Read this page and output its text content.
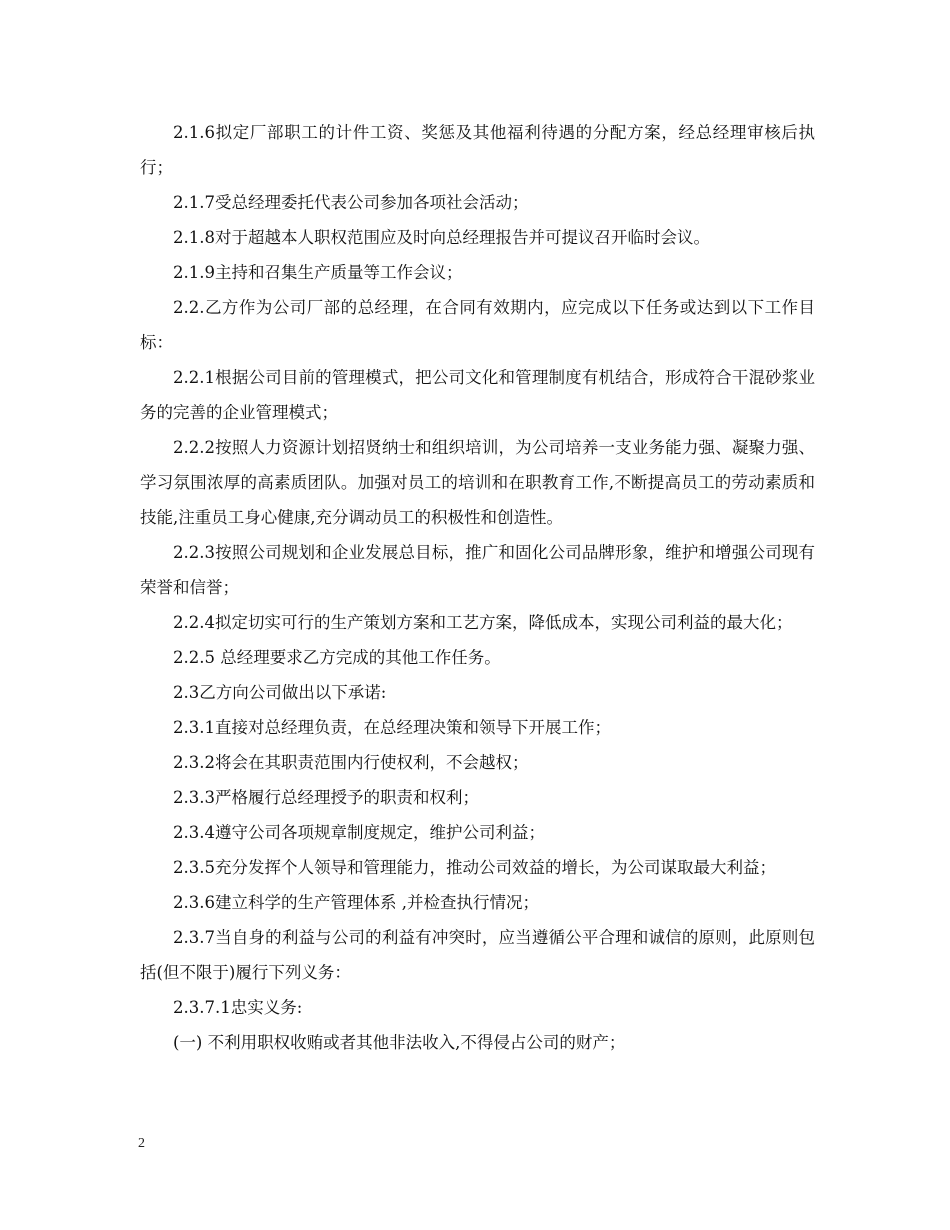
2.1.6拟定厂部职工的计件工资、奖惩及其他福利待遇的分配方案，经总经理审核后执行；

2.1.7受总经理委托代表公司参加各项社会活动；

2.1.8对于超越本人职权范围应及时向总经理报告并可提议召开临时会议。

2.1.9主持和召集生产质量等工作会议；

2.2.乙方作为公司厂部的总经理，在合同有效期内，应完成以下任务或达到以下工作目标：

2.2.1根据公司目前的管理模式，把公司文化和管理制度有机结合，形成符合干混砂浆业务的完善的企业管理模式；

2.2.2按照人力资源计划招贤纳士和组织培训，为公司培养一支业务能力强、凝聚力强、学习氛围浓厚的高素质团队。加强对员工的培训和在职教育工作,不断提高员工的劳动素质和技能,注重员工身心健康,充分调动员工的积极性和创造性。

2.2.3按照公司规划和企业发展总目标，推广和固化公司品牌形象，维护和增强公司现有荣誉和信誉；

2.2.4拟定切实可行的生产策划方案和工艺方案，降低成本，实现公司利益的最大化；

2.2.5 总经理要求乙方完成的其他工作任务。

2.3乙方向公司做出以下承诺:

2.3.1直接对总经理负责，在总经理决策和领导下开展工作；

2.3.2将会在其职责范围内行使权利，不会越权；

2.3.3严格履行总经理授予的职责和权利；

2.3.4遵守公司各项规章制度规定，维护公司利益；

2.3.5充分发挥个人领导和管理能力，推动公司效益的增长，为公司谋取最大利益；

2.3.6建立科学的生产管理体系 ,并检查执行情况；

2.3.7当自身的利益与公司的利益有冲突时，应当遵循公平合理和诚信的原则，此原则包括(但不限于)履行下列义务：

2.3.7.1忠实义务:

(一) 不利用职权收贿或者其他非法收入,不得侵占公司的财产；

2
